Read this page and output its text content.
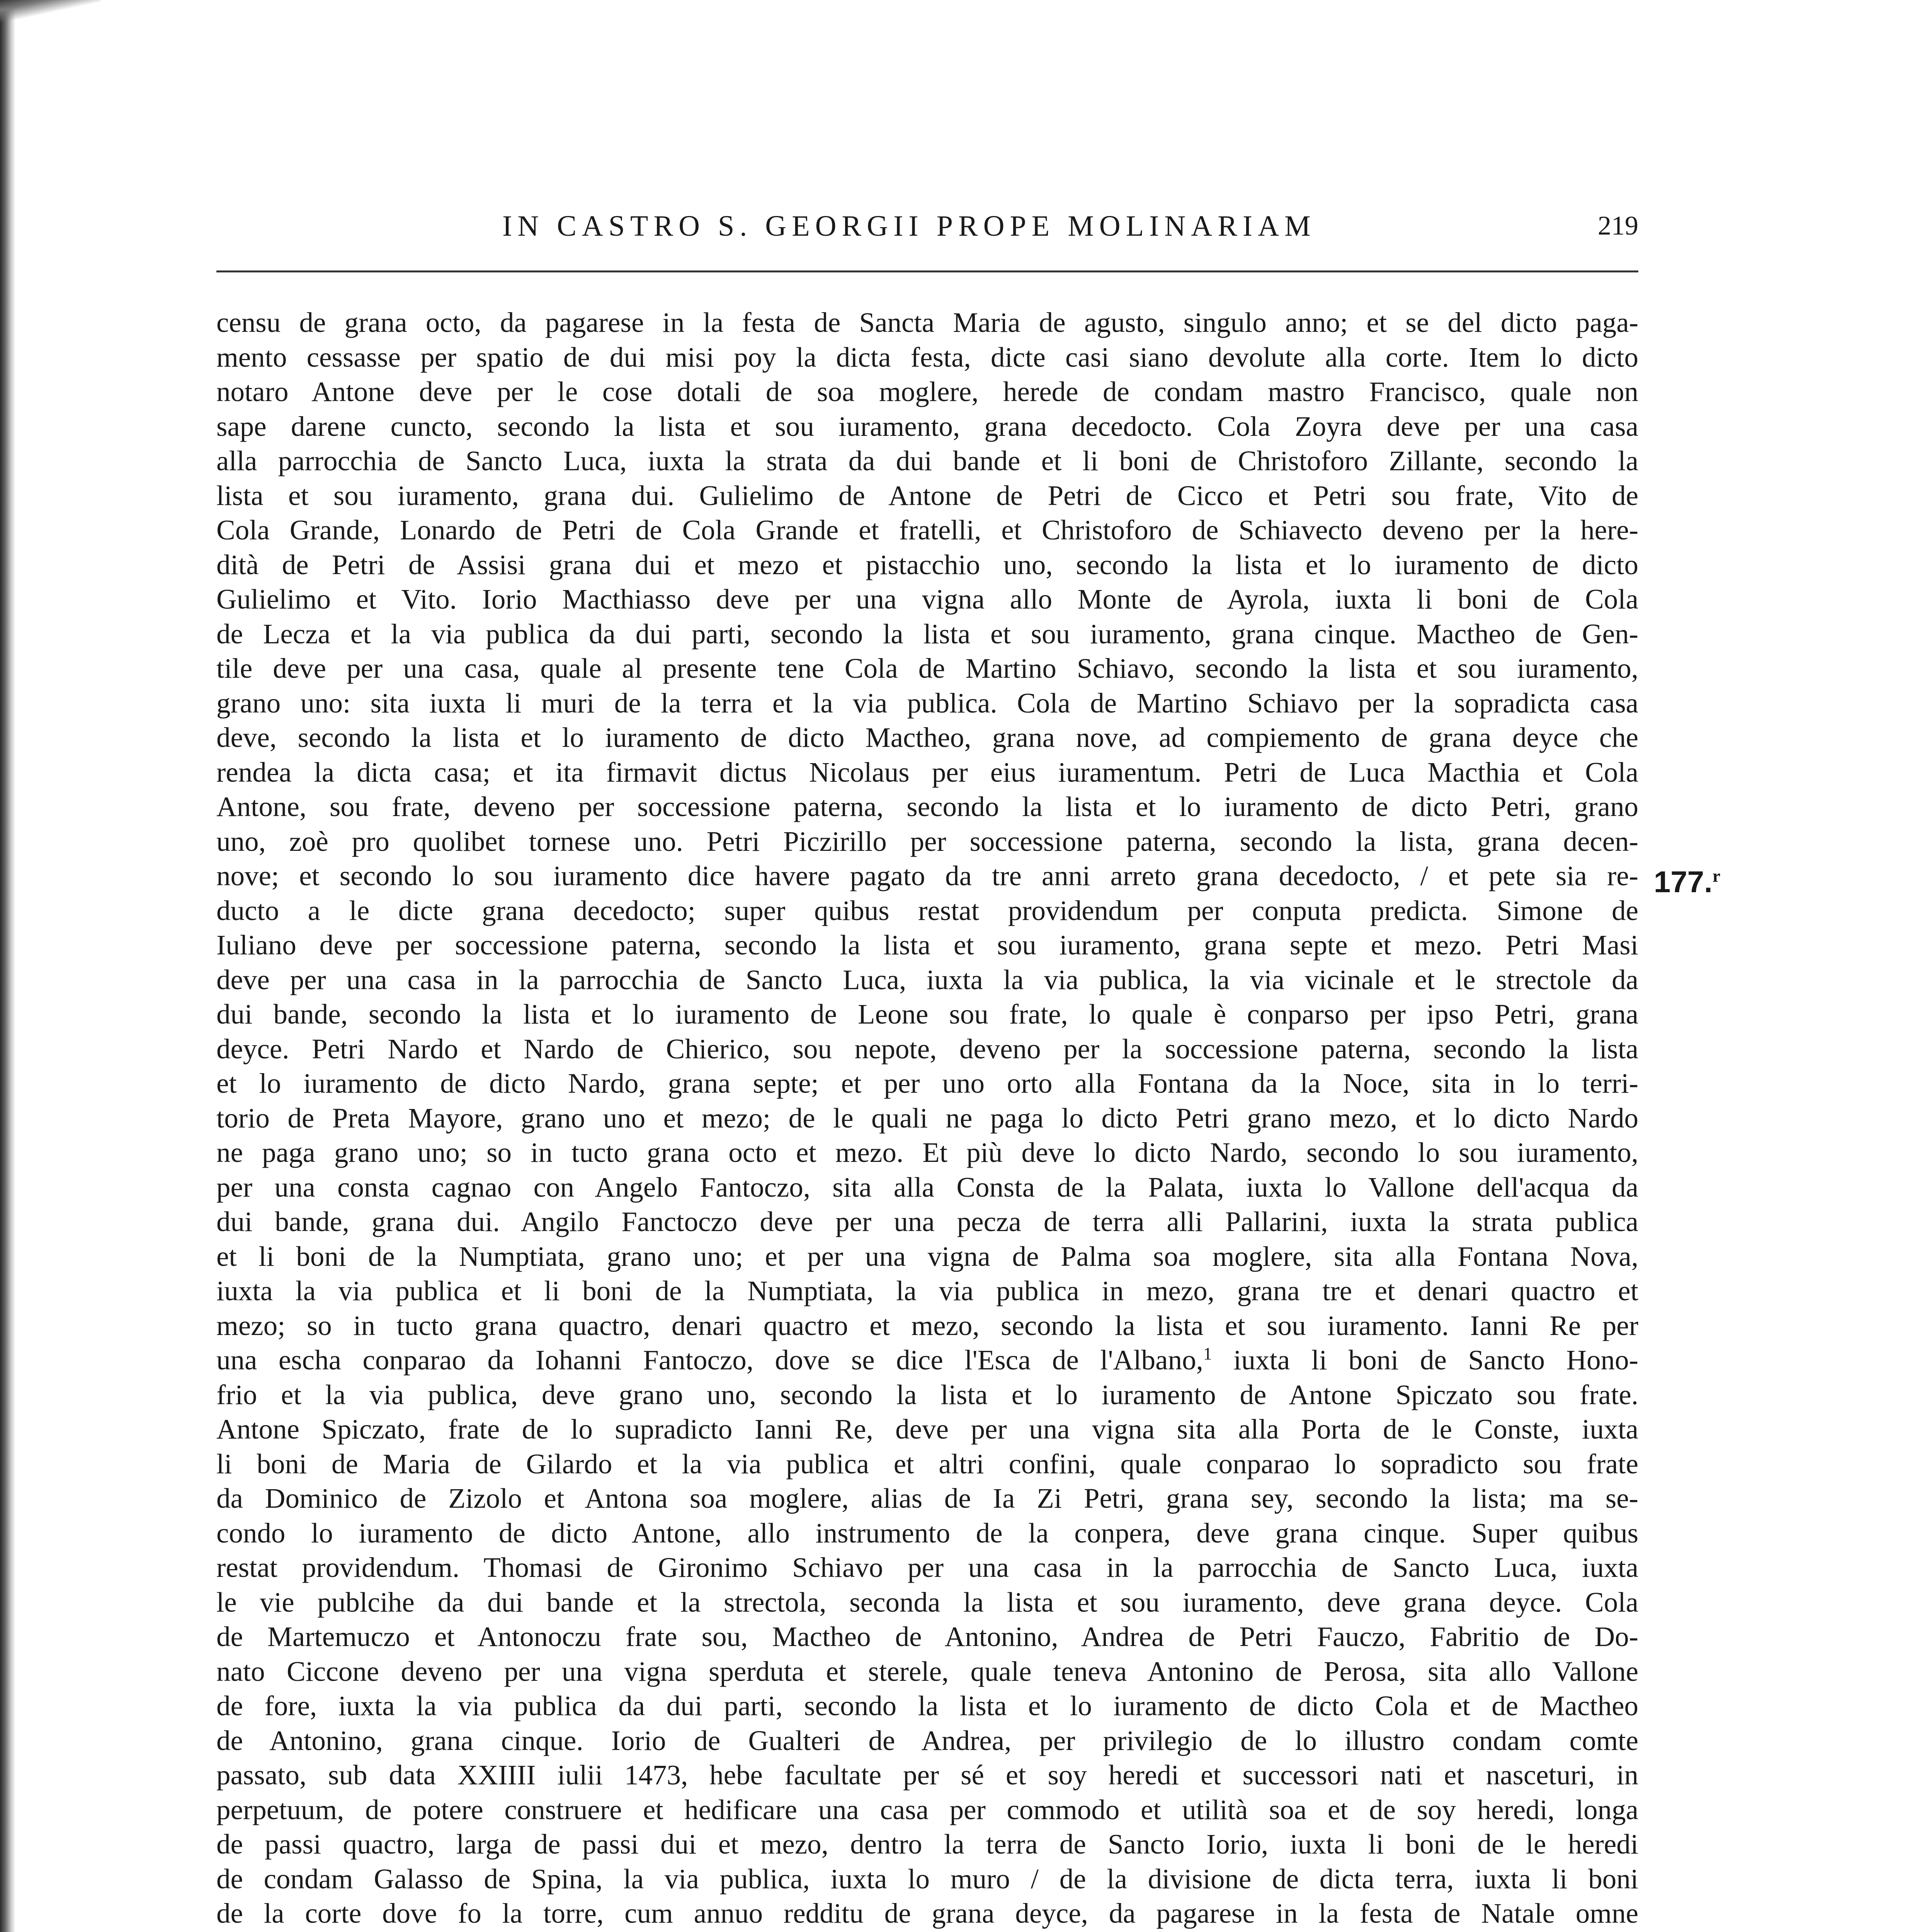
IN CASTRO S. GEORGII PROPE MOLINARIAM	219
censu de grana octo, da pagarese in la festa de Sancta Maria de agusto, singulo anno; et se del dicto paga-
mento cessasse per spatio de dui misi poy la dicta festa, dicte casi siano devolute alla corte. Item lo dicto
notaro Antone deve per le cose dotali de soa moglere, herede de condam mastro Francisco, quale non
sape darene cuncto, secondo la lista et sou iuramento, grana decedocto. Cola Zoyra deve per una casa
alla parrocchia de Sancto Luca, iuxta la strata da dui bande et li boni de Christoforo Zillante, secondo la
lista et sou iuramento, grana dui. Gulielimo de Antone de Petri de Cicco et Petri sou frate, Vito de
Cola Grande, Lonardo de Petri de Cola Grande et fratelli, et Christoforo de Schiavecto deveno per la here-
dità de Petri de Assisi grana dui et mezo et pistacchio uno, secondo la lista et lo iuramento de dicto
Gulielimo et Vito. Iorio Macthiasso deve per una vigna allo Monte de Ayrola, iuxta li boni de Cola
de Lecza et la via publica da dui parti, secondo la lista et sou iuramento, grana cinque. Mactheo de Gen-
tile deve per una casa, quale al presente tene Cola de Martino Schiavo, secondo la lista et sou iuramento,
grano uno: sita iuxta li muri de la terra et la via publica. Cola de Martino Schiavo per la sopradicta casa
deve, secondo la lista et lo iuramento de dicto Mactheo, grana nove, ad compiemento de grana deyce che
rendea la dicta casa; et ita firmavit dictus Nicolaus per eius iuramentum. Petri de Luca Macthia et Cola
Antone, sou frate, deveno per soccessione paterna, secondo la lista et lo iuramento de dicto Petri, grano
uno, zoè pro quolibet tornese uno. Petri Piczirillo per soccessione paterna, secondo la lista, grana decen-
nove; et secondo lo sou iuramento dice havere pagato da tre anni arreto grana decedocto, / et pete sia re-
ducto a le dicte grana decedocto; super quibus restat providendum per conputa predicta. Simone de
Iuliano deve per soccessione paterna, secondo la lista et sou iuramento, grana septe et mezo. Petri Masi
deve per una casa in la parrocchia de Sancto Luca, iuxta la via publica, la via vicinale et le strectole da
dui bande, secondo la lista et lo iuramento de Leone sou frate, lo quale è conparso per ipso Petri, grana
deyce. Petri Nardo et Nardo de Chierico, sou nepote, deveno per la soccessione paterna, secondo la lista
et lo iuramento de dicto Nardo, grana septe; et per uno orto alla Fontana da la Noce, sita in lo terri-
torio de Preta Mayore, grano uno et mezo; de le quali ne paga lo dicto Petri grano mezo, et lo dicto Nardo
ne paga grano uno; so in tucto grana octo et mezo. Et più deve lo dicto Nardo, secondo lo sou iuramento,
per una consta cagnao con Angelo Fantoczo, sita alla Consta de la Palata, iuxta lo Vallone dell'acqua da
dui bande, grana dui. Angilo Fanctoczo deve per una pecza de terra alli Pallarini, iuxta la strata publica
et li boni de la Numptiata, grano uno; et per una vigna de Palma soa moglere, sita alla Fontana Nova,
iuxta la via publica et li boni de la Numptiata, la via publica in mezo, grana tre et denari quactro et
mezo; so in tucto grana quactro, denari quactro et mezo, secondo la lista et sou iuramento. Ianni Re per
una escha conparao da Iohanni Fantoczo, dove se dice l'Esca de l'Albano,$^1$ iuxta li boni de Sancto Hono-
frio et la via publica, deve grano uno, secondo la lista et lo iuramento de Antone Spiczato sou frate.
Antone Spiczato, frate de lo supradicto Ianni Re, deve per una vigna sita alla Porta de le Conste, iuxta
li boni de Maria de Gilardo et la via publica et altri confini, quale conparao lo sopradicto sou frate
da Dominico de Zizolo et Antona soa moglere, alias de Ia Zi Petri, grana sey, secondo la lista; ma se-
condo lo iuramento de dicto Antone, allo instrumento de la conpera, deve grana cinque. Super quibus
restat providendum. Thomasi de Gironimo Schiavo per una casa in la parrocchia de Sancto Luca, iuxta
le vie publcihe da dui bande et la strectola, seconda la lista et sou iuramento, deve grana deyce. Cola
de Martemuczo et Antonoczu frate sou, Mactheo de Antonino, Andrea de Petri Fauczo, Fabritio de Do-
nato Ciccone deveno per una vigna sperduta et sterele, quale teneva Antonino de Perosa, sita allo Vallone
de fore, iuxta la via publica da dui parti, secondo la lista et lo iuramento de dicto Cola et de Mactheo
de Antonino, grana cinque. Iorio de Gualteri de Andrea, per privilegio de lo illustro condam comte
passato, sub data XXIIII iulii 1473, hebe facultate per sé et soy heredi et successori nati et nasceturi, in
perpetuum, de potere construere et hedificare una casa per commodo et utilità soa et de soy heredi, longa
de passi quactro, larga de passi dui et mezo, dentro la terra de Sancto Iorio, iuxta li boni de le heredi
de condam Galasso de Spina, la via publica, iuxta lo muro / de la divisione de dicta terra, iuxta li boni
de la corte dove fo la torre, cum annuo redditu de grana deyce, da pagarese in la festa de Natale omne
177.$^r$
